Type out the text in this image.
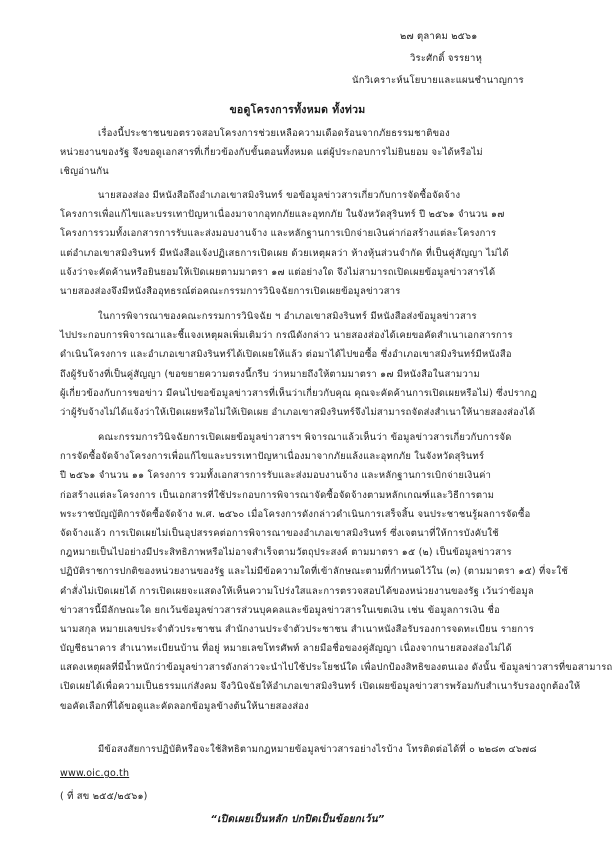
๒๗ ตุลาคม ๒๕๖๑
วิระศักดิ์ จรรยาหุ
นักวิเคราะห์นโยบายและแผนชำนาญการ
ขอดูโครงการทั้งหมด ทั้งท่วม
เรื่องนี้ประชาชนขอตรวจสอบโครงการช่วยเหลือความเดือดร้อนจากภัยธรรมชาติของ
หน่วยงานของรัฐ จึงขอดูเอกสารที่เกี่ยวข้องกับขั้นตอนทั้งหมด แต่ผู้ประกอบการไม่ยินยอม จะได้หรือไม่
เชิญอ่านกัน
นายสองส่อง มีหนังสือถึงอำเภอเขาสมิงรินทร์ ขอข้อมูลข่าวสารเกี่ยวกับการจัดซื้อจัดจ้าง
โครงการเพื่อแก้ไขและบรรเทาปัญหาเนื่องมาจากอุทกภัยและอุทกภัย ในจังหวัดสุรินทร์ ปี ๒๕๖๑ จำนวน ๑๗
โครงการรวมทั้งเอกสารการรับและส่งมอบงานจ้าง และหลักฐานการเบิกจ่ายเงินค่าก่อสร้างแต่ละโครงการ
แต่อำเภอเขาสมิงรินทร์ มีหนังสือแจ้งปฏิเสธการเปิดเผย ด้วยเหตุผลว่า ห้างหุ้นส่วนจำกัด ที่เป็นคู่สัญญา ไม่ได้
แจ้งว่าจะคัดค้านหรือยินยอมให้เปิดเผยตามมาตรา ๑๗ แต่อย่างใด จึงไม่สามารถเปิดเผยข้อมูลข่าวสารได้
นายสองส่องจึงมีหนังสืออุทธรณ์ต่อคณะกรรมการวินิจฉัยการเปิดเผยข้อมูลข่าวสาร
ในการพิจารณาของคณะกรรมการวินิจฉัย ฯ อำเภอเขาสมิงรินทร์ มีหนังสือส่งข้อมูลข่าวสาร
ไปประกอบการพิจารณาและชี้แจงเหตุผลเพิ่มเติมว่า กรณีดังกล่าว นายสองส่องได้เคยขอคัดสำเนาเอกสารการ
ดำเนินโครงการ และอำเภอเขาสมิงรินทร์ได้เปิดเผยให้แล้ว ต่อมาได้ไปขอซื้อ ซึ่งอำเภอเขาสมิงรินทร์มีหนังสือ
ถึงผู้รับจ้างที่เป็นคู่สัญญา (ขอขยายความตรงนี้กรีบ ว่าหมายถึงให้ตามมาตรา ๑๗ มีหนังสือในสามวาม
ผู้เกี่ยวข้องกับการขอข่าว มีคนไปขอข้อมูลข่าวสารที่เห็นว่าเกี่ยวกับคุณ คุณจะคัดค้านการเปิดเผยหรือไม่) ซึ่งปรากฏ
ว่าผู้รับจ้างไม่ได้แจ้งว่าให้เปิดเผยหรือไม่ให้เปิดเผย อำเภอเขาสมิงรินทร์จึงไม่สามารถจัดส่งสำเนาให้นายสองส่องได้
คณะกรรมการวินิจฉัยการเปิดเผยข้อมูลข่าวสารฯ พิจารณาแล้วเห็นว่า ข้อมูลข่าวสารเกี่ยวกับการจัด
การจัดซื้อจัดจ้างโครงการเพื่อแก้ไขและบรรเทาปัญหาเนื่องมาจากภัยแล้งและอุทกภัย ในจังหวัดสุรินทร์
ปี ๒๕๖๑ จำนวน ๑๑ โครงการ รวมทั้งเอกสารการรับและส่งมอบงานจ้าง และหลักฐานการเบิกจ่ายเงินค่า
ก่อสร้างแต่ละโครงการ เป็นเอกสารที่ใช้ประกอบการพิจารณาจัดซื้อจัดจ้างตามหลักเกณฑ์และวิธีการตาม
พระราชบัญญัติการจัดซื้อจัดจ้าง พ.ศ. ๒๕๖๐ เมื่อโครงการดังกล่าวดำเนินการเสร็จสิ้น จนประชาชนรู้ผลการจัดซื้อ
จัดจ้างแล้ว การเปิดเผยไม่เป็นอุปสรรคต่อการพิจารณาของอำเภอเขาสมิงรินทร์ ซึ่งเจตนาที่ให้การบังคับใช้
กฎหมายเป็นไปอย่างมีประสิทธิภาพหรือไม่อาจสำเร็จตามวัตถุประสงค์ ตามมาตรา ๑๕ (๒) เป็นข้อมูลข่าวสาร
ปฏิบัติราชการปกติของหน่วยงานของรัฐ และไม่มีข้อความใดที่เข้าลักษณะตามที่กำหนดไว้ใน (๓) (ตามมาตรา ๑๕) ที่จะใช้
คำสั่งไม่เปิดเผยได้ การเปิดเผยจะแสดงให้เห็นความโปร่งใสและการตรวจสอบได้ของหน่วยงานของรัฐ เว้นว่าข้อมูล
ข่าวสารนี้มีลักษณะใด ยกเว้นข้อมูลข่าวสารส่วนบุคคลและข้อมูลข่าวสารในเขตเงิน เช่น ข้อมูลการเงิน ชื่อ
นามสกุล หมายเลขประจำตัวประชาชน สำนักงานประจำตัวประชาชน สำเนาหนังสือรับรองการจดทะเบียน รายการ
บัญชีธนาคาร สำเนาทะเบียนบ้าน ที่อยู่ หมายเลขโทรศัพท์ ลายมือชื่อของคู่สัญญา เนื่องจากนายสองส่องไม่ได้
แสดงเหตุผลที่มีน้ำหนักว่าข้อมูลข่าวสารดังกล่าวจะนำไปใช้ประโยชน์ใด เพื่อปกป้องสิทธิของตนเอง ดังนั้น ข้อมูลข่าวสารที่ขอสามารถ
เปิดเผยได้เพื่อความเป็นธรรมแก่สังคม จึงวินิจฉัยให้อำเภอเขาสมิงรินทร์ เปิดเผยข้อมูลข่าวสารพร้อมกับสำเนารับรองถูกต้องให้
ขอคัดเลือกที่ได้ขอดูและคัดลอกข้อมูลข้างต้นให้นายสองส่อง
มีข้อสงสัยการปฏิบัติหรือจะใช้สิทธิตามกฎหมายข้อมูลข่าวสารอย่างไรบ้าง โทรติดต่อได้ที่ ๐ ๒๒๘๓ ๔๖๗๘
www.oic.go.th
( ที่ สข ๒๕๕/๒๕๖๑)
“เปิดเผยเป็นหลัก ปกปิดเป็นข้อยกเว้น”
